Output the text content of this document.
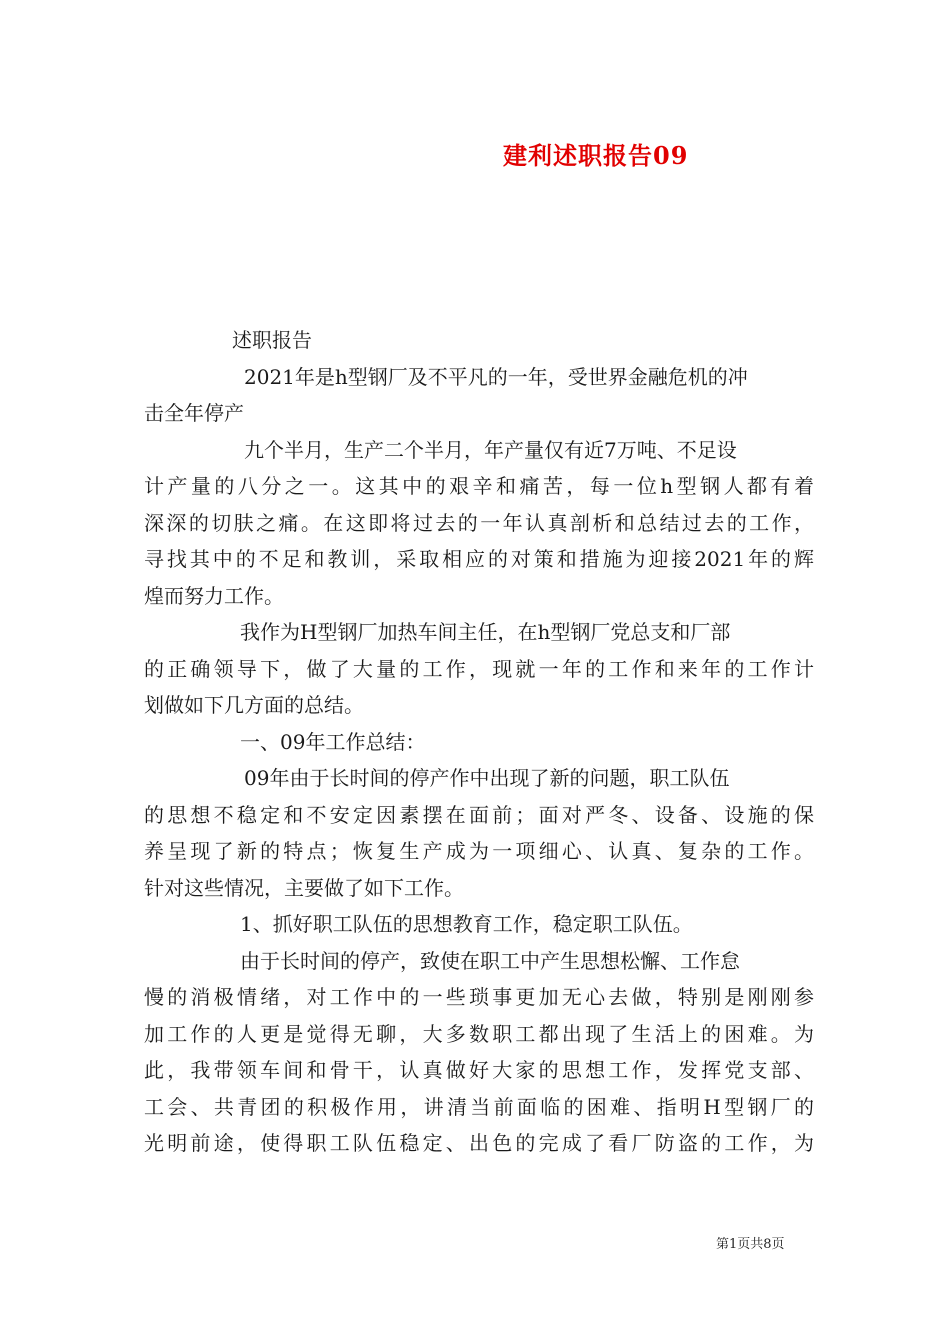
建利述职报告09
述职报告
2021年是h型钢厂及不平凡的一年，受世界金融危机的冲
击全年停产
九个半月，生产二个半月，年产量仅有近7万吨、不足设
计产量的八分之一。这其中的艰辛和痛苦，每一位h型钢人都有着
深深的切肤之痛。在这即将过去的一年认真剖析和总结过去的工作，
寻找其中的不足和教训，采取相应的对策和措施为迎接2021年的辉
煌而努力工作。
我作为H型钢厂加热车间主任，在h型钢厂党总支和厂部
的正确领导下，做了大量的工作，现就一年的工作和来年的工作计
划做如下几方面的总结。
一、09年工作总结：
09年由于长时间的停产作中出现了新的问题，职工队伍
的思想不稳定和不安定因素摆在面前；面对严冬、设备、设施的保
养呈现了新的特点；恢复生产成为一项细心、认真、复杂的工作。
针对这些情况，主要做了如下工作。
1、抓好职工队伍的思想教育工作，稳定职工队伍。
由于长时间的停产，致使在职工中产生思想松懈、工作怠
慢的消极情绪，对工作中的一些琐事更加无心去做，特别是刚刚参
加工作的人更是觉得无聊，大多数职工都出现了生活上的困难。为
此，我带领车间和骨干，认真做好大家的思想工作，发挥党支部、
工会、共青团的积极作用，讲清当前面临的困难、指明H型钢厂的
光明前途，使得职工队伍稳定、出色的完成了看厂防盗的工作，为
第1页共8页
